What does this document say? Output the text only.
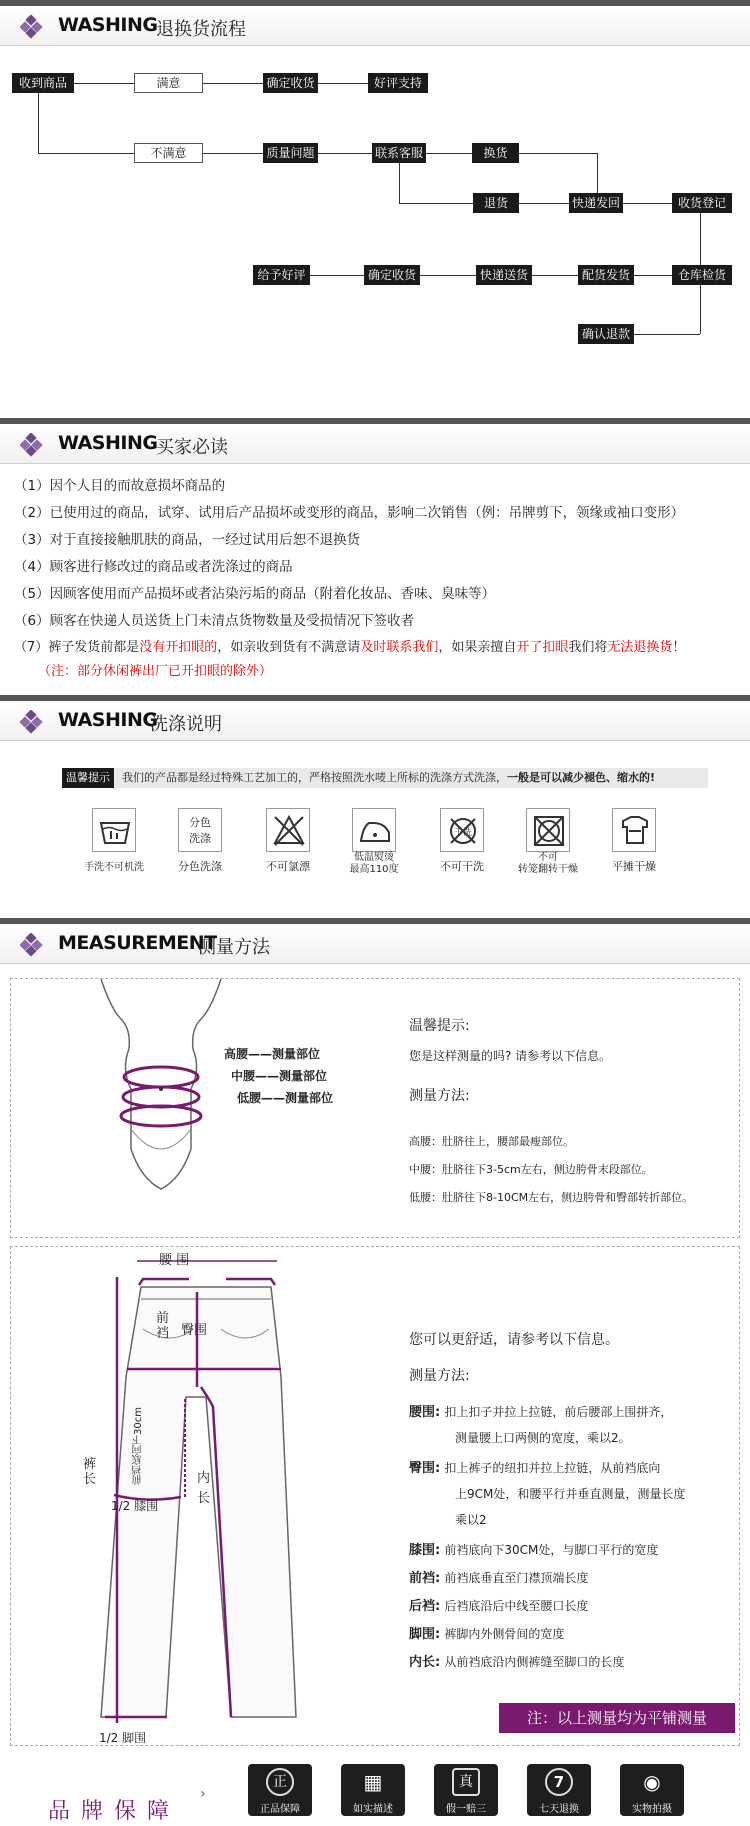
WASHING
退换货流程
收到商品	满意	确定收货	好评支持
不满意	质量问题	联系客服	换货
退货	快递发回	收货登记
给予好评	确定收货	快递送货	配货发货	仓库检货
确认退款
WASHING
买家必读
（1）因个人目的而故意损坏商品的
（2）已使用过的商品，试穿、试用后产品损坏或变形的商品，影响二次销售（例：吊牌剪下，领缘或袖口变形）
（3）对于直接接触肌肤的商品，一经过试用后恕不退换货
（4）顾客进行修改过的商品或者洗涤过的商品
（5）因顾客使用而产品损坏或者沾染污垢的商品（附着化妆品、香味、臭味等）
（6）顾客在快递人员送货上门未清点货物数量及受损情况下签收者
（7）裤子发货前都是没有开扣眼的，如亲收到货有不满意请及时联系我们，如果亲擅自开了扣眼我们将无法退换货！
（注：部分休闲裤出厂已开扣眼的除外）
WASHING
洗涤说明
温馨提示 我们的产品都是经过特殊工艺加工的，严格按照洗水唛上所标的洗涤方式洗涤，一般是可以减少褪色、缩水的!
手洗不可机洗
分色
洗涤
分色洗涤	不可氯漂
低温熨烫
最高110度
干洗
不可干洗
不可
转笼翻转干燥	平摊干燥
MEASUREMENT
测量方法
高腰——测量部位
中腰——测量部位
低腰——测量部位
温馨提示:
您是这样测量的吗? 请参考以下信息。
测量方法:
高腰：肚脐往上，腰部最瘦部位。
中腰：肚脐往下3-5cm左右，侧边胯骨末段部位。
低腰：肚脐往下8-10CM左右，侧边胯骨和臀部转折部位。
腰 围
前
裆 臀围
裤
长	前裆底向下30cm	内
长
1/2 膝围
1/2 脚围
您可以更舒适，请参考以下信息。
测量方法:
腰围: 扣上扣子并拉上拉链，前后腰部上围拼齐，
测量腰上口两侧的宽度，乘以2。
臀围: 扣上裤子的纽扣并拉上拉链，从前裆底向
上9CM处，和腰平行并垂直测量，测量长度
乘以2
膝围: 前裆底向下30CM处，与脚口平行的宽度
前裆: 前裆底垂直至门襟顶端长度
后裆: 后裆底沿后中线至腰口长度
脚围: 裤脚内外侧骨间的宽度
内长: 从前裆底沿内侧裤缝至脚口的长度
注：以上测量均为平铺测量
品 牌 保 障
›
正
正品保障
▦
如实描述
真
假一赔三
7
七天退换
◉
实物拍摄
